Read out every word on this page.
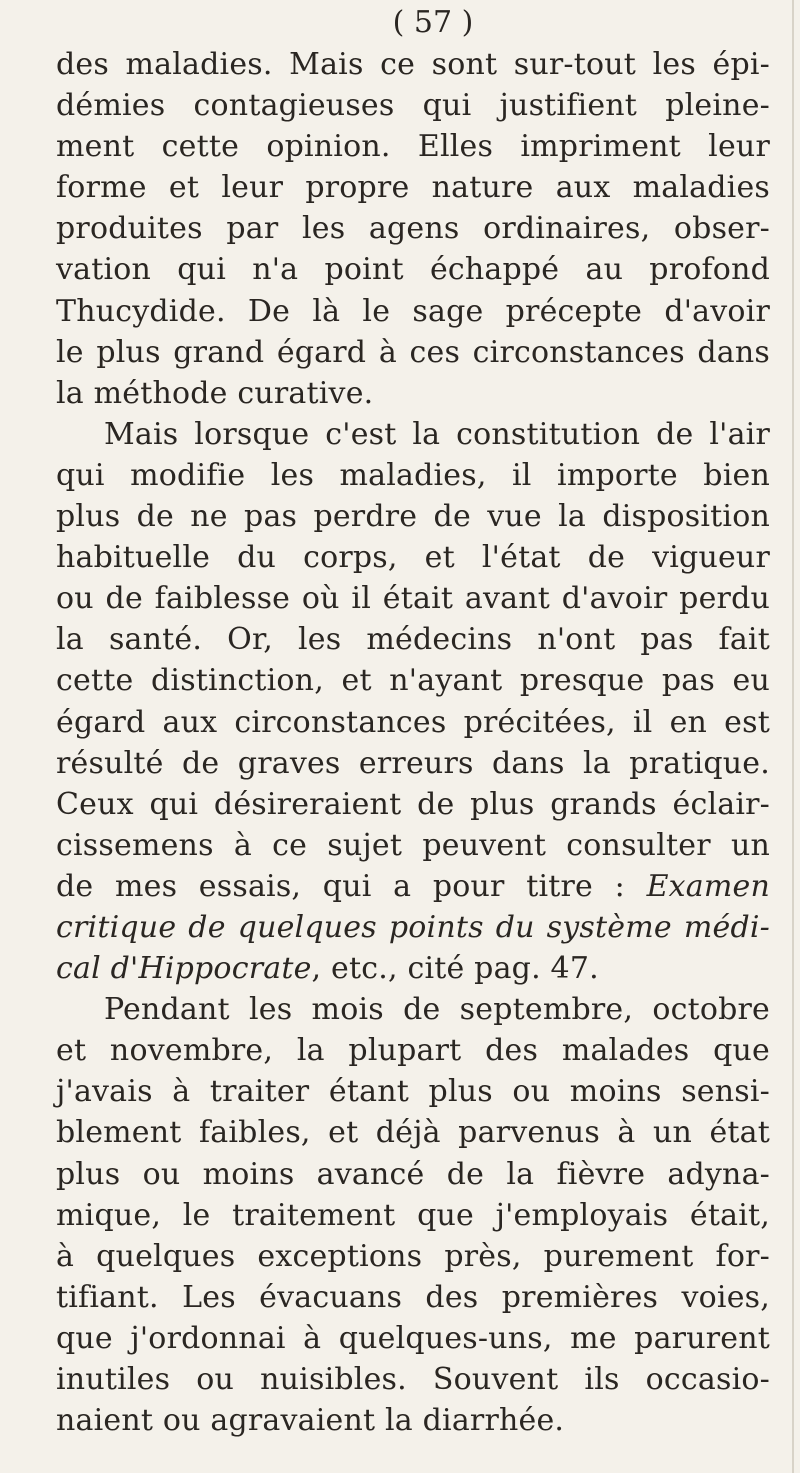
( 57 )
des maladies. Mais ce sont sur-tout les épi-
démies contagieuses qui justifient pleine-
ment cette opinion. Elles impriment leur
forme et leur propre nature aux maladies
produites par les agens ordinaires, obser-
vation qui n'a point échappé au profond
Thucydide. De là le sage précepte d'avoir
le plus grand égard à ces circonstances dans
la méthode curative.
Mais lorsque c'est la constitution de l'air
qui modifie les maladies, il importe bien
plus de ne pas perdre de vue la disposition
habituelle du corps, et l'état de vigueur
ou de faiblesse où il était avant d'avoir perdu
la santé. Or, les médecins n'ont pas fait
cette distinction, et n'ayant presque pas eu
égard aux circonstances précitées, il en est
résulté de graves erreurs dans la pratique.
Ceux qui désireraient de plus grands éclair-
cissemens à ce sujet peuvent consulter un
de mes essais, qui a pour titre : Examen
critique de quelques points du système médi-
cal d'Hippocrate, etc., cité pag. 47.
Pendant les mois de septembre, octobre
et novembre, la plupart des malades que
j'avais à traiter étant plus ou moins sensi-
blement faibles, et déjà parvenus à un état
plus ou moins avancé de la fièvre adyna-
mique, le traitement que j'employais était,
à quelques exceptions près, purement for-
tifiant. Les évacuans des premières voies,
que j'ordonnai à quelques-uns, me parurent
inutiles ou nuisibles. Souvent ils occasio-
naient ou agravaient la diarrhée.
